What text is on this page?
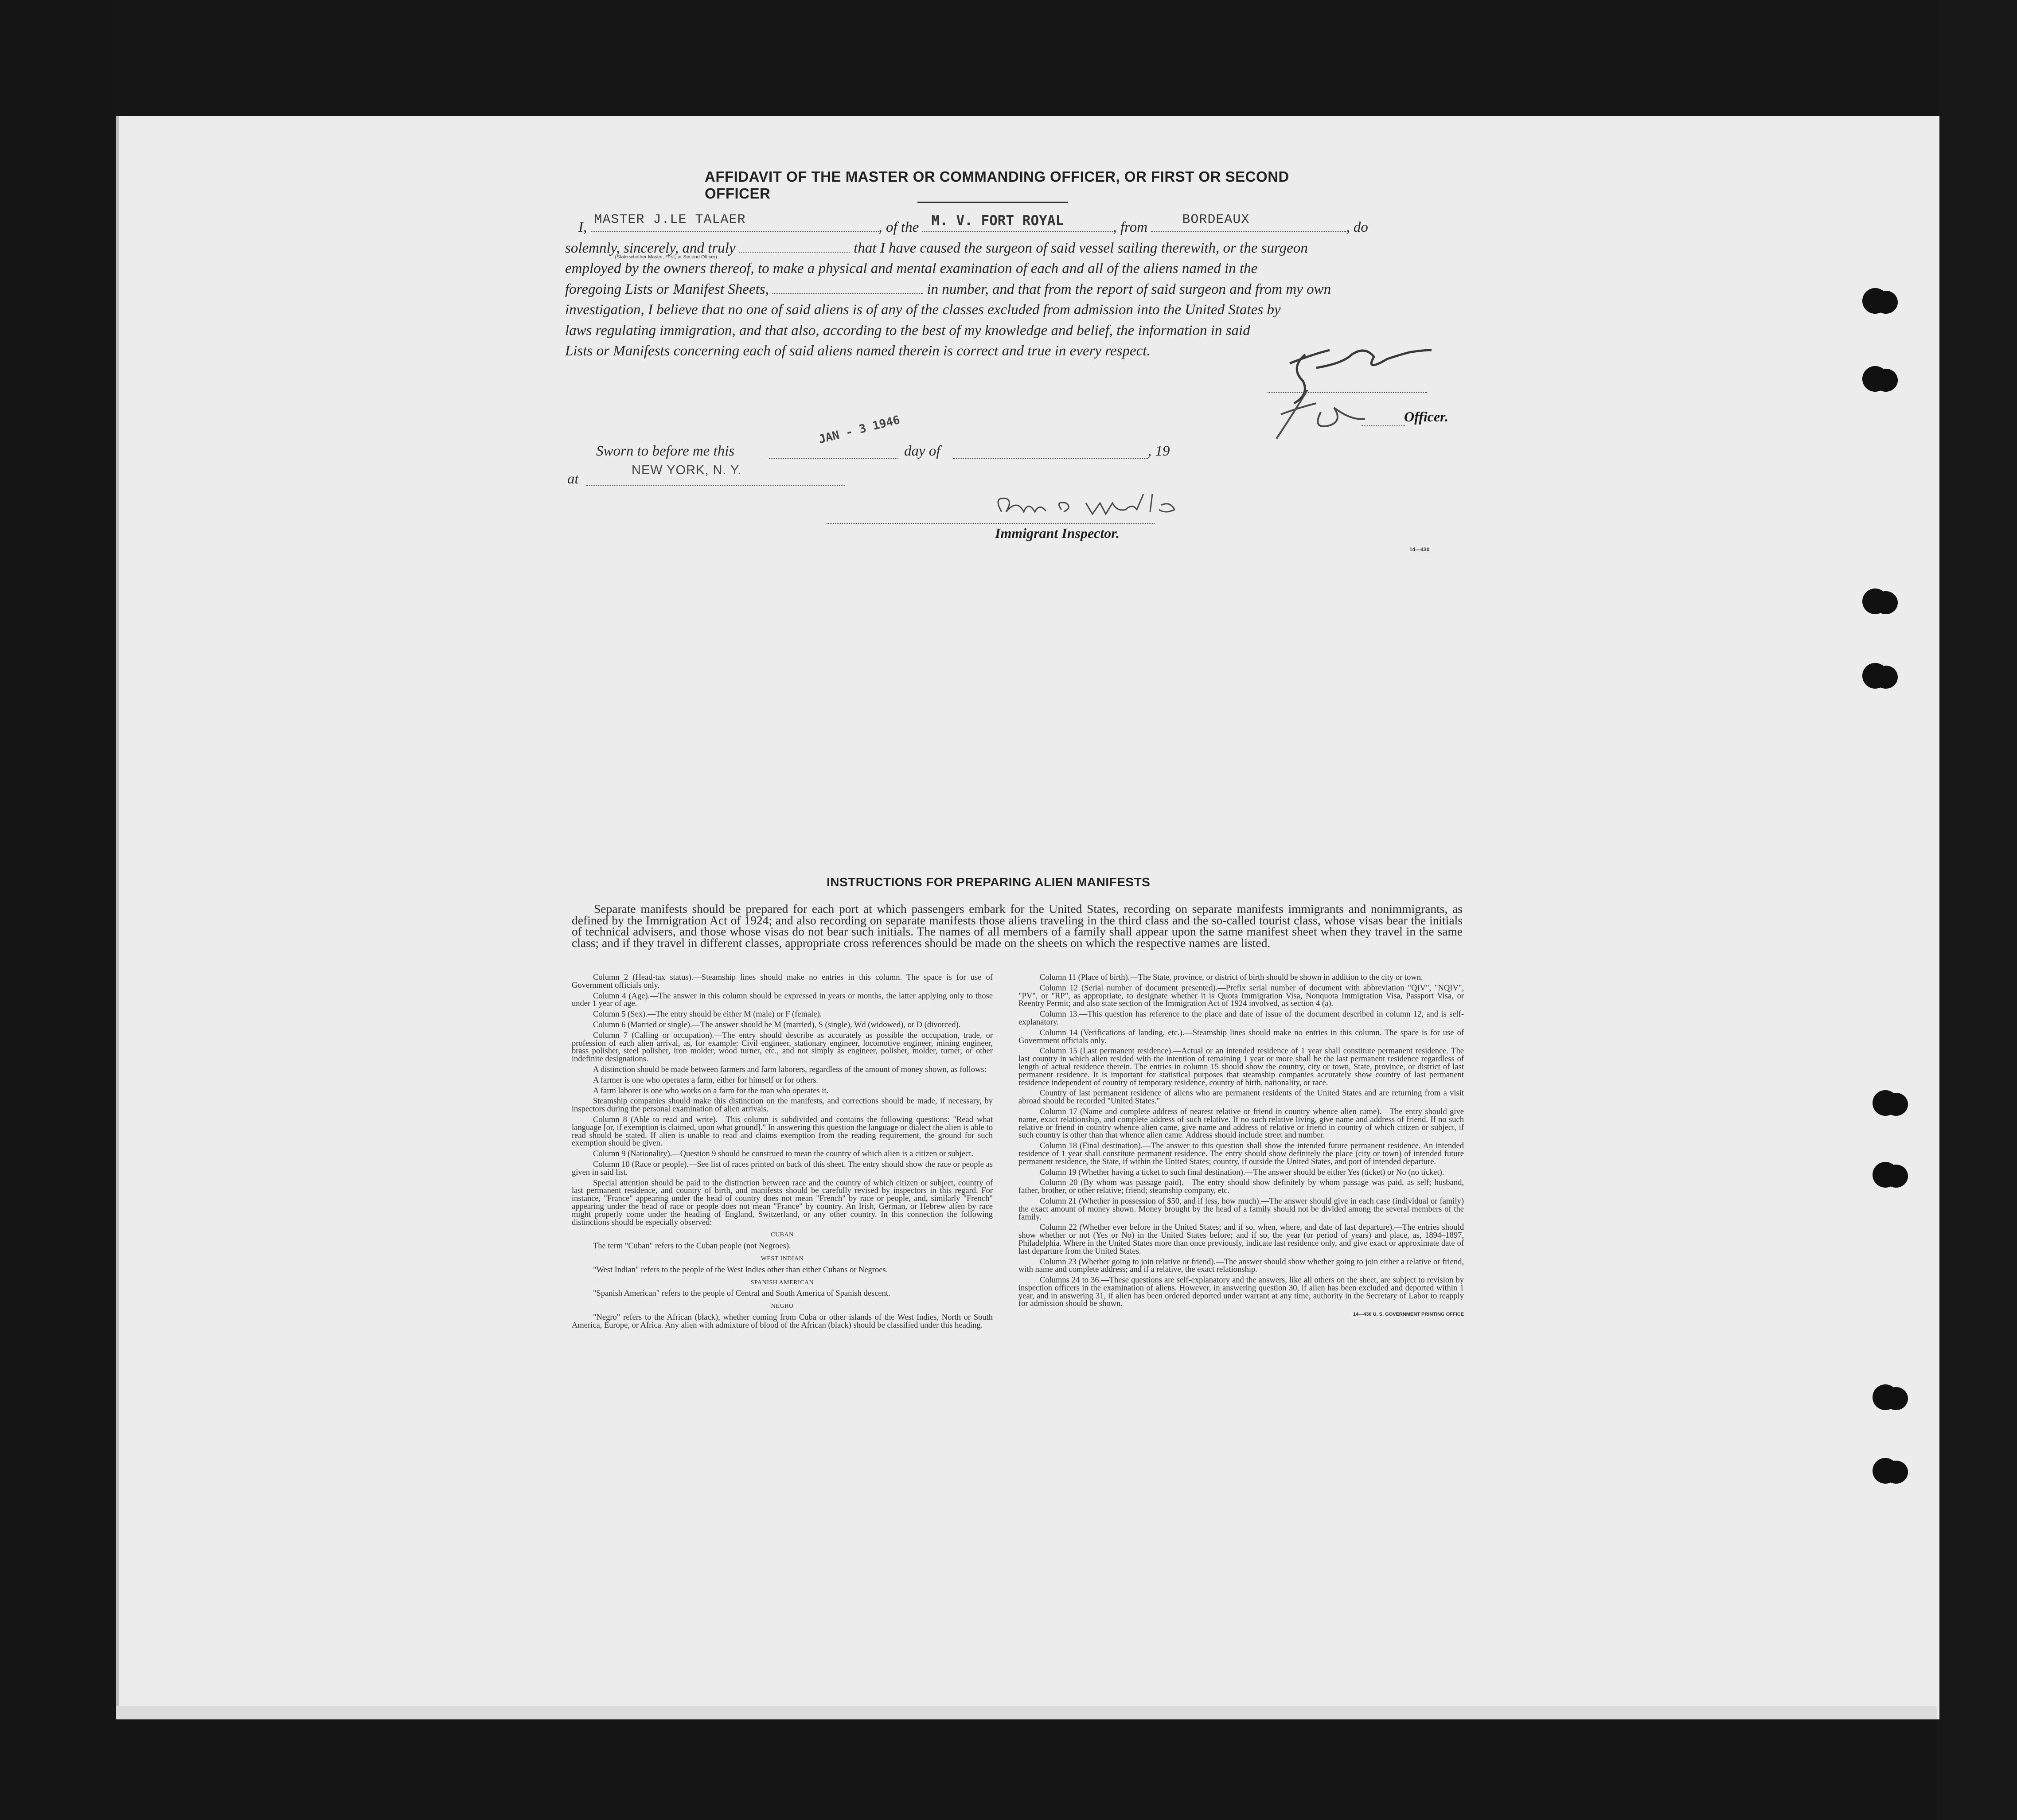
AFFIDAVIT OF THE MASTER OR COMMANDING OFFICER, OR FIRST OR SECOND OFFICER
I, MASTER J.LE TALAER
(State whether Master, First, or Second Officer)
, of the M. V. FORT ROYAL	, from	BORDEAUX	, do
solemnly, sincerely, and truly	that I have caused the surgeon of said vessel sailing therewith, or the surgeon
employed by the owners thereof, to make a physical and mental examination of each and all of the aliens named in the
foregoing Lists or Manifest Sheets,	in number, and that from the report of said surgeon and from my own
investigation, I believe that no one of said aliens is of any of the classes excluded from admission into the United States by
laws regulating immigration, and that also, according to the best of my knowledge and belief, the information in said
Lists or Manifests concerning each of said aliens named therein is correct and true in every respect.
Officer.
Sworn to before me this
JAN - 3 1946
day of	, 19
at
NEW YORK, N. Y.
Immigrant Inspector.
14—430
INSTRUCTIONS FOR PREPARING ALIEN MANIFESTS
Separate manifests should be prepared for each port at which passengers embark for the United States, recording on separate manifests immigrants and nonimmigrants, as defined by the Immigration Act of 1924; and also recording on separate manifests those aliens traveling in the third class and the so-called tourist class, whose visas bear the initials of technical advisers, and those whose visas do not bear such initials. The names of all members of a family shall appear upon the same manifest sheet when they travel in the same class; and if they travel in different classes, appropriate cross references should be made on the sheets on which the respective names are listed.

Column 2 (Head-tax status).—Steamship lines should make no entries in this column. The space is for use of Government officials only.

Column 4 (Age).—The answer in this column should be expressed in years or months, the latter applying only to those under 1 year of age.

Column 5 (Sex).—The entry should be either M (male) or F (female).

Column 6 (Married or single).—The answer should be M (married), S (single), Wd (widowed), or D (divorced).

Column 7 (Calling or occupation).—The entry should describe as accurately as possible the occupation, trade, or profession of each alien arrival, as, for example: Civil engineer, stationary engineer, locomotive engineer, mining engineer, brass polisher, steel polisher, iron molder, wood turner, etc., and not simply as engineer, polisher, molder, turner, or other indefinite designations.

A distinction should be made between farmers and farm laborers, regardless of the amount of money shown, as follows:

A farmer is one who operates a farm, either for himself or for others.

A farm laborer is one who works on a farm for the man who operates it.

Steamship companies should make this distinction on the manifests, and corrections should be made, if necessary, by inspectors during the personal examination of alien arrivals.

Column 8 (Able to read and write).—This column is subdivided and contains the following questions: "Read what language [or, if exemption is claimed, upon what ground]." In answering this question the language or dialect the alien is able to read should be stated. If alien is unable to read and claims exemption from the reading requirement, the ground for such exemption should be given.

Column 9 (Nationality).—Question 9 should be construed to mean the country of which alien is a citizen or subject.

Column 10 (Race or people).—See list of races printed on back of this sheet. The entry should show the race or people as given in said list.

Special attention should be paid to the distinction between race and the country of which citizen or subject, country of last permanent residence, and country of birth, and manifests should be carefully revised by inspectors in this regard. For instance, "France" appearing under the head of country does not mean "French" by race or people, and, similarly "French" appearing under the head of race or people does not mean "France" by country. An Irish, German, or Hebrew alien by race might properly come under the heading of England, Switzerland, or any other country. In this connection the following distinctions should be especially observed:

CUBAN

The term "Cuban" refers to the Cuban people (not Negroes).

WEST INDIAN

"West Indian" refers to the people of the West Indies other than either Cubans or Negroes.

SPANISH AMERICAN

"Spanish American" refers to the people of Central and South America of Spanish descent.

NEGRO

"Negro" refers to the African (black), whether coming from Cuba or other islands of the West Indies, North or South America, Europe, or Africa. Any alien with admixture of blood of the African (black) should be classified under this heading.

Column 11 (Place of birth).—The State, province, or district of birth should be shown in addition to the city or town.

Column 12 (Serial number of document presented).—Prefix serial number of document with abbreviation "QIV", "NQIV", "PV", or "RP", as appropriate, to designate whether it is Quota Immigration Visa, Nonquota Immigration Visa, Passport Visa, or Reentry Permit; and also state section of the Immigration Act of 1924 involved, as section 4 (a).

Column 13.—This question has reference to the place and date of issue of the document described in column 12, and is self-explanatory.

Column 14 (Verifications of landing, etc.).—Steamship lines should make no entries in this column. The space is for use of Government officials only.

Column 15 (Last permanent residence).—Actual or an intended residence of 1 year shall constitute permanent residence. The last country in which alien resided with the intention of remaining 1 year or more shall be the last permanent residence regardless of length of actual residence therein. The entries in column 15 should show the country, city or town, State, province, or district of last permanent residence. It is important for statistical purposes that steamship companies accurately show country of last permanent residence independent of country of temporary residence, country of birth, nationality, or race.

Country of last permanent residence of aliens who are permanent residents of the United States and are returning from a visit abroad should be recorded "United States."

Column 17 (Name and complete address of nearest relative or friend in country whence alien came).—The entry should give name, exact relationship, and complete address of such relative. If no such relative living, give name and address of friend. If no such relative or friend in country whence alien came, give name and address of relative or friend in country of which citizen or subject, if such country is other than that whence alien came. Address should include street and number.

Column 18 (Final destination).—The answer to this question shall show the intended future permanent residence. An intended residence of 1 year shall constitute permanent residence. The entry should show definitely the place (city or town) of intended future permanent residence, the State, if within the United States; country, if outside the United States, and port of intended departure.

Column 19 (Whether having a ticket to such final destination).—The answer should be either Yes (ticket) or No (no ticket).

Column 20 (By whom was passage paid).—The entry should show definitely by whom passage was paid, as self; husband, father, brother, or other relative; friend; steamship company, etc.

Column 21 (Whether in possession of $50, and if less, how much).—The answer should give in each case (individual or family) the exact amount of money shown. Money brought by the head of a family should not be divided among the several members of the family.

Column 22 (Whether ever before in the United States; and if so, when, where, and date of last departure).—The entries should show whether or not (Yes or No) in the United States before; and if so, the year (or period of years) and place, as, 1894–1897, Philadelphia. Where in the United States more than once previously, indicate last residence only, and give exact or approximate date of last departure from the United States.

Column 23 (Whether going to join relative or friend).—The answer should show whether going to join either a relative or friend, with name and complete address; and if a relative, the exact relationship.

Columns 24 to 36.—These questions are self-explanatory and the answers, like all others on the sheet, are subject to revision by inspection officers in the examination of aliens. However, in answering question 30, if alien has been excluded and deported within 1 year, and in answering 31, if alien has been ordered deported under warrant at any time, authority in the Secretary of Labor to reapply for admission should be shown.

14—430 U. S. GOVERNMENT PRINTING OFFICE
